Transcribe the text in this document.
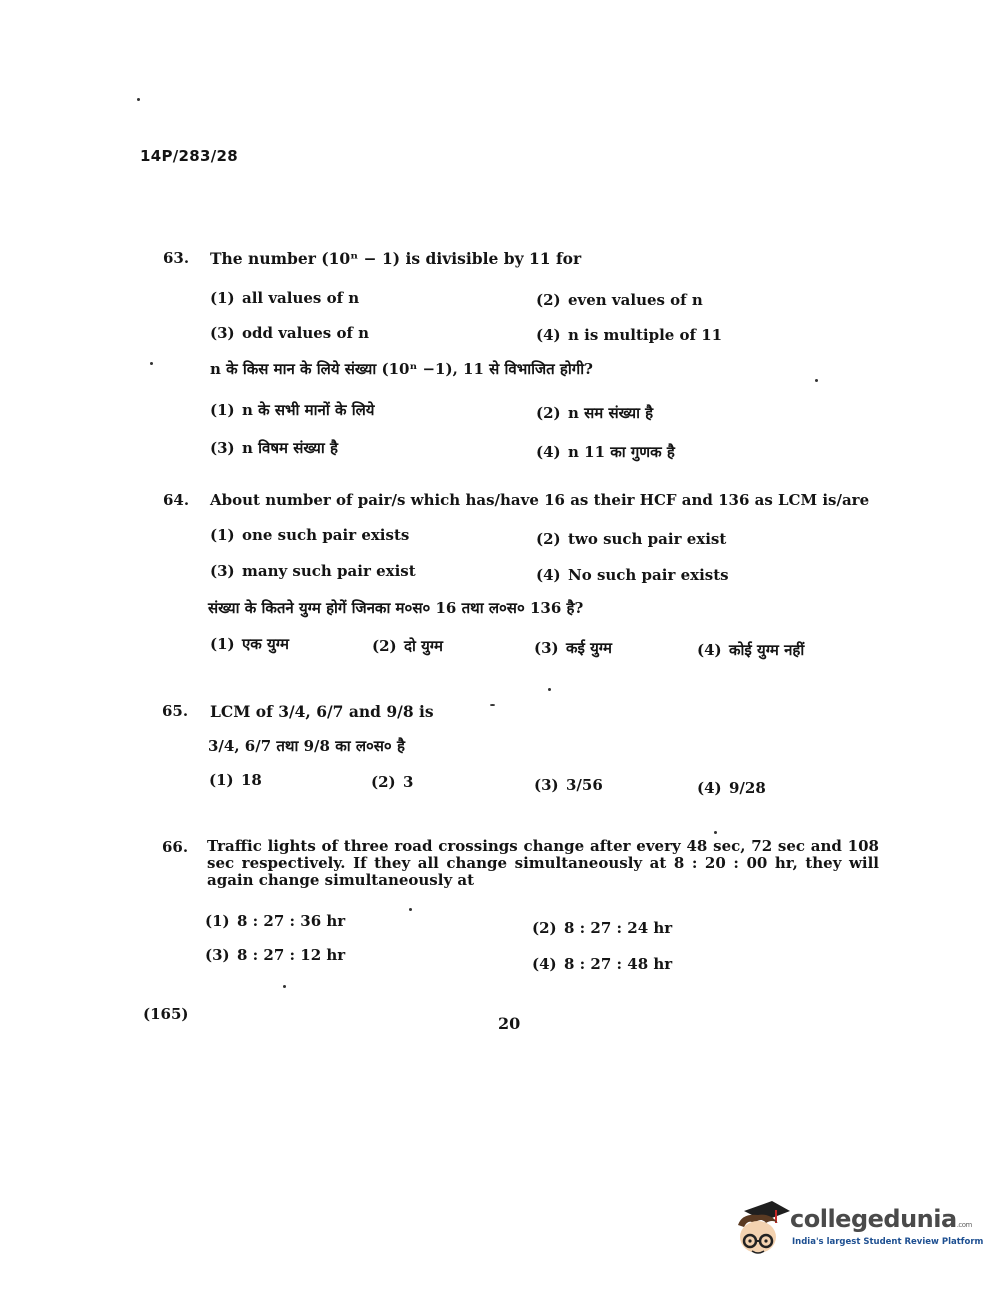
14P/283/28
63. The number (10ⁿ − 1) is divisible by 11 for
(1) all values of n	(2) even values of n
(3) odd values of n	(4) n is multiple of 11
n के किस मान के लिये संख्या (10ⁿ −1), 11 से विभाजित होगी?
(1) n के सभी मानों के लिये	(2) n सम संख्या है
(3) n विषम संख्या है	(4) n 11 का गुणक है
64. About number of pair/s which has/have 16 as their HCF and 136 as LCM is/are
(1) one such pair exists	(2) two such pair exist
(3) many such pair exist	(4) No such pair exists
संख्या के कितने युग्म होगें जिनका म०स० 16 तथा ल०स० 136 है?
(1) एक युग्म	(2) दो युग्म	(3) कई युग्म	(4) कोई युग्म नहीं
65. LCM of 3/4, 6/7 and 9/8 is
3/4, 6/7 तथा 9/8 का ल०स० है
(1) 18	(2) 3	(3) 3/56	(4) 9/28
66. Traffic lights of three road crossings change after every 48 sec, 72 sec and 108 sec respectively. If they all change simultaneously at 8 : 20 : 00 hr, they will again change simultaneously at
(1) 8 : 27 : 36 hr	(2) 8 : 27 : 24 hr
(3) 8 : 27 : 12 hr	(4) 8 : 27 : 48 hr
(165)	20
collegedunia.com
India's largest Student Review Platform
